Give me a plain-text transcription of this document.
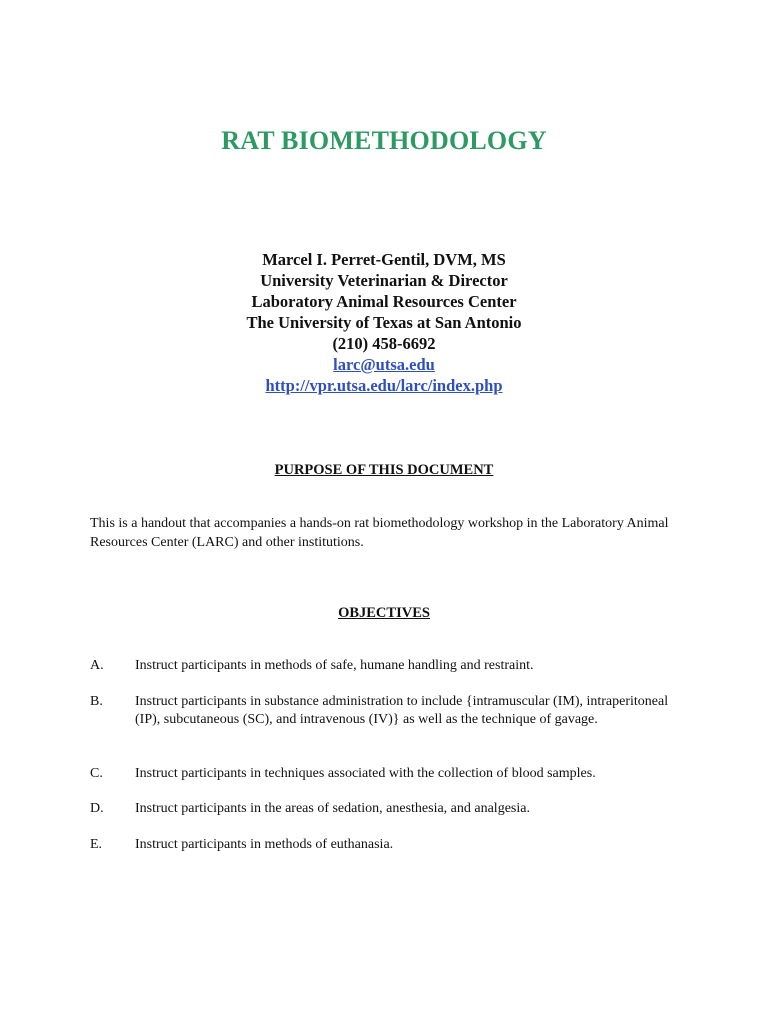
RAT BIOMETHODOLOGY
Marcel I. Perret-Gentil, DVM, MS
University Veterinarian & Director
Laboratory Animal Resources Center
The University of Texas at San Antonio
(210) 458-6692
larc@utsa.edu
http://vpr.utsa.edu/larc/index.php
PURPOSE OF THIS DOCUMENT

This is a handout that accompanies a hands-on rat biomethodology workshop in the Laboratory Animal Resources Center (LARC) and other institutions.

OBJECTIVES
A.	Instruct participants in methods of safe, humane handling and restraint.
B.	Instruct participants in substance administration to include {intramuscular (IM), intraperitoneal (IP), subcutaneous (SC), and intravenous (IV)} as well as the technique of gavage.
C.	Instruct participants in techniques associated with the collection of blood samples.
D.	Instruct participants in the areas of sedation, anesthesia, and analgesia.
E.	Instruct participants in methods of euthanasia.
